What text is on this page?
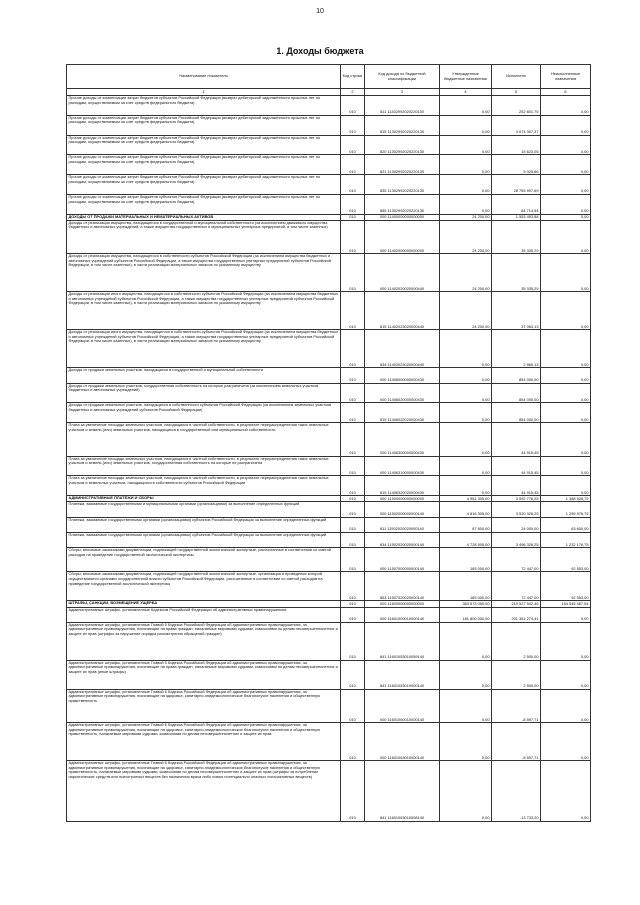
10
1. Доходы бюджета
Наименование показателя	Код строки	Код дохода по бюджетной классификации	Утвержденные бюджетные назначения	Исполнено	Неисполненные назначения
1	2	3	4	5	6
Прочие доходы от компенсации затрат бюджетов субъектов Российской Федерации (возврат дебиторской задолженности прошлых лет по расходам, осуществляемым за счет средств федерального бюджета)	010	811 11302992020220130	0,00	252 601,75	0,00
Прочие доходы от компенсации затрат бюджетов субъектов Российской Федерации (возврат дебиторской задолженности прошлых лет по расходам, осуществляемым за счет средств федерального бюджета)	010	815 11302992020220130	0,00	3 674 307,37	0,00
Прочие доходы от компенсации затрат бюджетов субъектов Российской Федерации (возврат дебиторской задолженности прошлых лет по расходам, осуществляемым за счет средств федерального бюджета)	010	820 11302992020220130	0,00	15 623,05	0,00
Прочие доходы от компенсации затрат бюджетов субъектов Российской Федерации (возврат дебиторской задолженности прошлых лет по расходам, осуществляемым за счет средств федерального бюджета)	010	821 11302992020220130	0,00	5 025,66	0,00
Прочие доходы от компенсации затрат бюджетов субъектов Российской Федерации (возврат дебиторской задолженности прошлых лет по расходам, осуществляемым за счет средств федерального бюджета)	010	835 11302992020220130	0,00	28 755 997,69	0,00
Прочие доходы от компенсации затрат бюджетов субъектов Российской Федерации (возврат дебиторской задолженности прошлых лет по расходам, осуществляемым за счет средств федерального бюджета)	010	855 11302992020220130	0,00	84 714,54	0,00
ДОХОДЫ ОТ ПРОДАЖИ МАТЕРИАЛЬНЫХ И НЕМАТЕРИАЛЬНЫХ АКТИВОВ	010	000 11400000000000000	24 200,00	1 553 493,88	0,00
Доходы от реализации имущества, находящегося в государственной и муниципальной собственности (за исключением движимого имущества бюджетных и автономных учреждений, а также имущества государственных и муниципальных унитарных предприятий, в том числе казенных)	010	000 11402000000000000	24 200,00	35 335,29	0,00
Доходы от реализации имущества, находящегося в собственности субъектов Российской Федерации (за исключением имущества бюджетных и автономных учреждений субъектов Российской Федерации, а также имущества государственных унитарных предприятий субъектов Российской Федерации, в том числе казенных), в части реализации материальных запасов по указанному имуществу	010	000 11402020020000440	24 200,00	35 335,29	0,00
Доходы от реализации иного имущества, находящегося в собственности субъектов Российской Федерации (за исключением имущества бюджетных и автономных учреждений субъектов Российской Федерации, а также имущества государственных унитарных предприятий субъектов Российской Федерации, в том числе казенных), в части реализации материальных запасов по указанному имуществу	010	815 11402023020000440	24 200,00	37 063,13	0,00
Доходы от реализации иного имущества, находящегося в собственности субъектов Российской Федерации (за исключением имущества бюджетных и автономных учреждений субъектов Российской Федерации, а также имущества государственных унитарных предприятий субъектов Российской Федерации, в том числе казенных), в части реализации материальных запасов по указанному имуществу	010	834 11402023020000440	0,00	2 865,13	0,00
Доходы от продажи земельных участков, находящихся в государственной и муниципальной собственности	010	000 11406000000000430	0,00	854 000,00	0,00
Доходы от продажи земельных участков, государственная собственность на которые разграничена (за исключением земельных участков бюджетных и автономных учреждений)	010	000 11406020000000430	0,00	854 000,00	0,00
Доходы от продажи земельных участков, находящихся в собственности субъектов Российской Федерации (за исключением земельных участков бюджетных и автономных учреждений субъектов Российской Федерации)	010	815 11406022020000430	0,00	854 000,00	0,00
Плата за увеличение площади земельных участков, находящихся в частной собственности, в результате перераспределения таких земельных участков и земель (или) земельных участков, находящихся в государственной или муниципальной собственности	010	000 11406300000000430	0,00	44 915,45	0,00
Плата за увеличение площади земельных участков, находящихся в частной собственности, в результате перераспределения таких земельных участков и земель (или) земельных участков, государственная собственность на которые не разграничена	010	000 11406310000000430	0,00	44 915,45	0,00
Плата за увеличение площади земельных участков, находящихся в частной собственности, в результате перераспределения таких земельных участков и земельных участков, находящихся в собственности субъектов Российской Федерации	010	815 11406320020000430	0,00	44 915,45	0,00
АДМИНИСТРАТИВНЫЕ ПЛАТЕЖИ И СБОРЫ	010	000 11500000000000000	4 981 305,00	3 592 776,25	1 388 528,75
Платежи, взимаемые государственными и муниципальными органами (организациями) за выполнение определенных функций	010	000 11502000000000140	4 816 305,00	3 520 328,25	1 295 976,75
Платежи, взимаемые государственными органами (организациями) субъектов Российской Федерации за выполнение определенных функций	010	811 11502020020000140	87 600,00	24 000,00	63 600,00
Платежи, взимаемые государственными органами (организациями) субъектов Российской Федерации за выполнение определенных функций	010	834 11502020020000140	4 728 505,00	3 496 328,25	1 232 176,75
Сборы, вносимые заказчиками документации, подлежащей государственной экологической экспертизе, рассчитанные в соответствии со сметой расходов на проведение государственной экологической экспертизы	010	000 11507000000000140	165 000,00	72 447,00	92 553,00
Сборы, вносимые заказчиками документации, подлежащей государственной экологической экспертизе, организация и проведение которой осуществляются органами государственной власти субъектов Российской Федерации, рассчитанные в соответствии со сметой расходов на проведение государственной экологической экспертизы	010	853 11507020020000140	165 000,00	72 447,00	92 553,00
ШТРАФЫ, САНКЦИИ, ВОЗМЕЩЕНИЕ УЩЕРБА	010	000 11600000000000000	363 573 050,00	219 527 542,46	154 045 467,54
Административные штрафы, установленные Кодексом Российской Федерации об административных правонарушениях	010	000 11601000010000140	181 800 000,00	201 351 274,41	0,00
Административные штрафы, установленные Главой 5 Кодекса Российской Федерации об административных правонарушениях, за административные правонарушения, посягающие на права граждан, налагаемые мировыми судьями, комиссиями по делам несовершеннолетних и защите их прав (штрафы за нарушение порядка рассмотрения обращений граждан)	010	841 11601053010059140	0,00	2 500,00	0,00
Административные штрафы, установленные Главой 5 Кодекса Российской Федерации об административных правонарушениях, за административные правонарушения, посягающие на права граждан, налагаемые мировыми судьями, комиссиями по делам несовершеннолетних и защите их прав (иные штрафы)	010	841 11601053019000140	0,00	2 500,00	0,00
Административные штрафы, установленные Главой 6 Кодекса Российской Федерации об административных правонарушениях, за административные правонарушения, посягающие на здоровье, санитарно-эпидемиологическое благополучие населения и общественную нравственность	010	000 11601060010000140	0,00	-8 597,71	0,00
Административные штрафы, установленные Главой 6 Кодекса Российской Федерации об административных правонарушениях, за административные правонарушения, посягающие на здоровье, санитарно-эпидемиологическое благополучие населения и общественную нравственность, налагаемые мировыми судьями, комиссиями по делам несовершеннолетних и защите их прав	010	000 11601063010000140	0,00	-8 597,71	0,00
Административные штрафы, установленные Главой 6 Кодекса Российской Федерации об административных правонарушениях, за административные правонарушения, посягающие на здоровье, санитарно-эпидемиологическое благополучие населения и общественную нравственность, налагаемые мировыми судьями, комиссиями по делам несовершеннолетних и защите их прав (штрафы за потребление наркотических средств или психотропных веществ без назначения врача либо новых потенциально опасных психоактивных веществ)	010	841 11601063010008140	0,00	-13 733,20	0,00
